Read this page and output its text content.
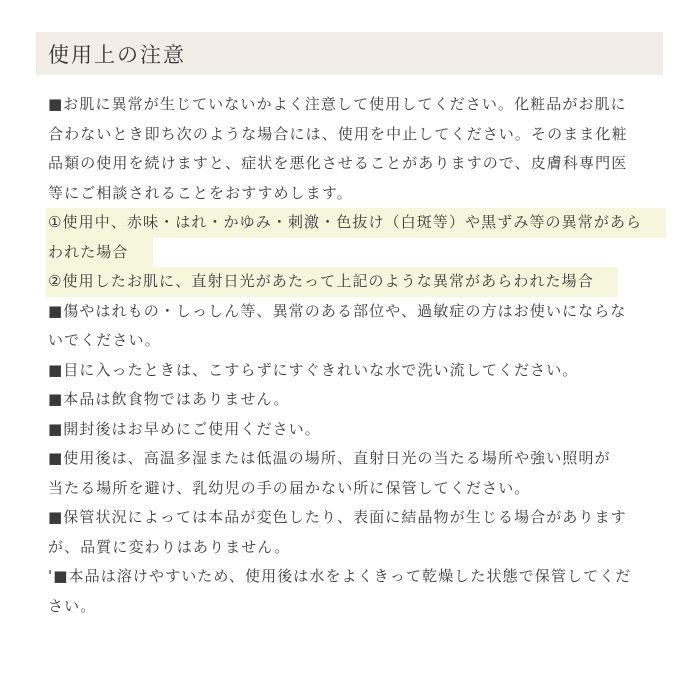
使用上の注意
■お肌に異常が生じていないかよく注意して使用してください。化粧品がお肌に
合わないとき即ち次のような場合には、使用を中止してください。そのまま化粧
品類の使用を続けますと、症状を悪化させることがありますので、皮膚科専門医
等にご相談されることをおすすめします。
①使用中、赤味・はれ・かゆみ・刺激・色抜け（白斑等）や黒ずみ等の異常があら
われた場合
②使用したお肌に、直射日光があたって上記のような異常があらわれた場合
■傷やはれもの・しっしん等、異常のある部位や、過敏症の方はお使いにならな
いでください。
■目に入ったときは、こすらずにすぐきれいな水で洗い流してください。
■本品は飲食物ではありません。
■開封後はお早めにご使用ください。
■使用後は、高温多湿または低温の場所、直射日光の当たる場所や強い照明が
当たる場所を避け、乳幼児の手の届かない所に保管してください。
■保管状況によっては本品が変色したり、表面に結晶物が生じる場合があります
が、品質に変わりはありません。
'■本品は溶けやすいため、使用後は水をよくきって乾燥した状態で保管してくだ
さい。
